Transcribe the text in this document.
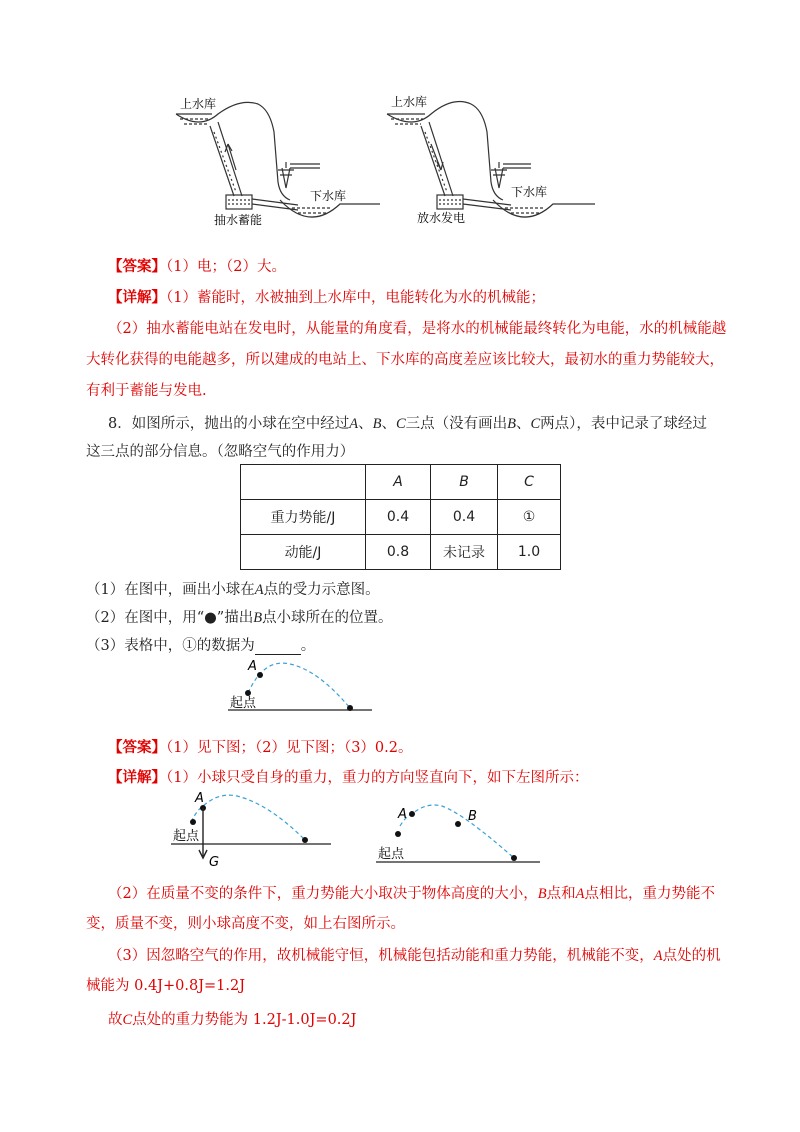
上水库
下水库
抽水蓄能
上水库
下水库
放水发电
【答案】（1）电；（2）大。
【详解】（1）蓄能时，水被抽到上水库中，电能转化为水的机械能；
（2）抽水蓄能电站在发电时，从能量的角度看，是将水的机械能最终转化为电能，水的机械能越
大转化获得的电能越多，所以建成的电站上、下水库的高度差应该比较大，最初水的重力势能较大，
有利于蓄能与发电.
8．如图所示，抛出的小球在空中经过A、B、C三点（没有画出B、C两点），表中记录了球经过
这三点的部分信息。（忽略空气的作用力）
	A	B	C
重力势能/J	0.4	0.4	①
动能/J	0.8	未记录	1.0
（1）在图中，画出小球在A点的受力示意图。
（2）在图中，用“●”描出B点小球所在的位置。
（3）表格中，①的数据为	。
A
起点
【答案】（1）见下图；（2）见下图；（3）0.2。
【详解】（1）小球只受自身的重力，重力的方向竖直向下，如下左图所示：
A
起点
G
A	B
起点
（2）在质量不变的条件下，重力势能大小取决于物体高度的大小，B点和A点相比，重力势能不
变，质量不变，则小球高度不变，如上右图所示。
（3）因忽略空气的作用，故机械能守恒，机械能包括动能和重力势能，机械能不变，A点处的机
械能为 0.4J+0.8J=1.2J
故C点处的重力势能为 1.2J-1.0J=0.2J
